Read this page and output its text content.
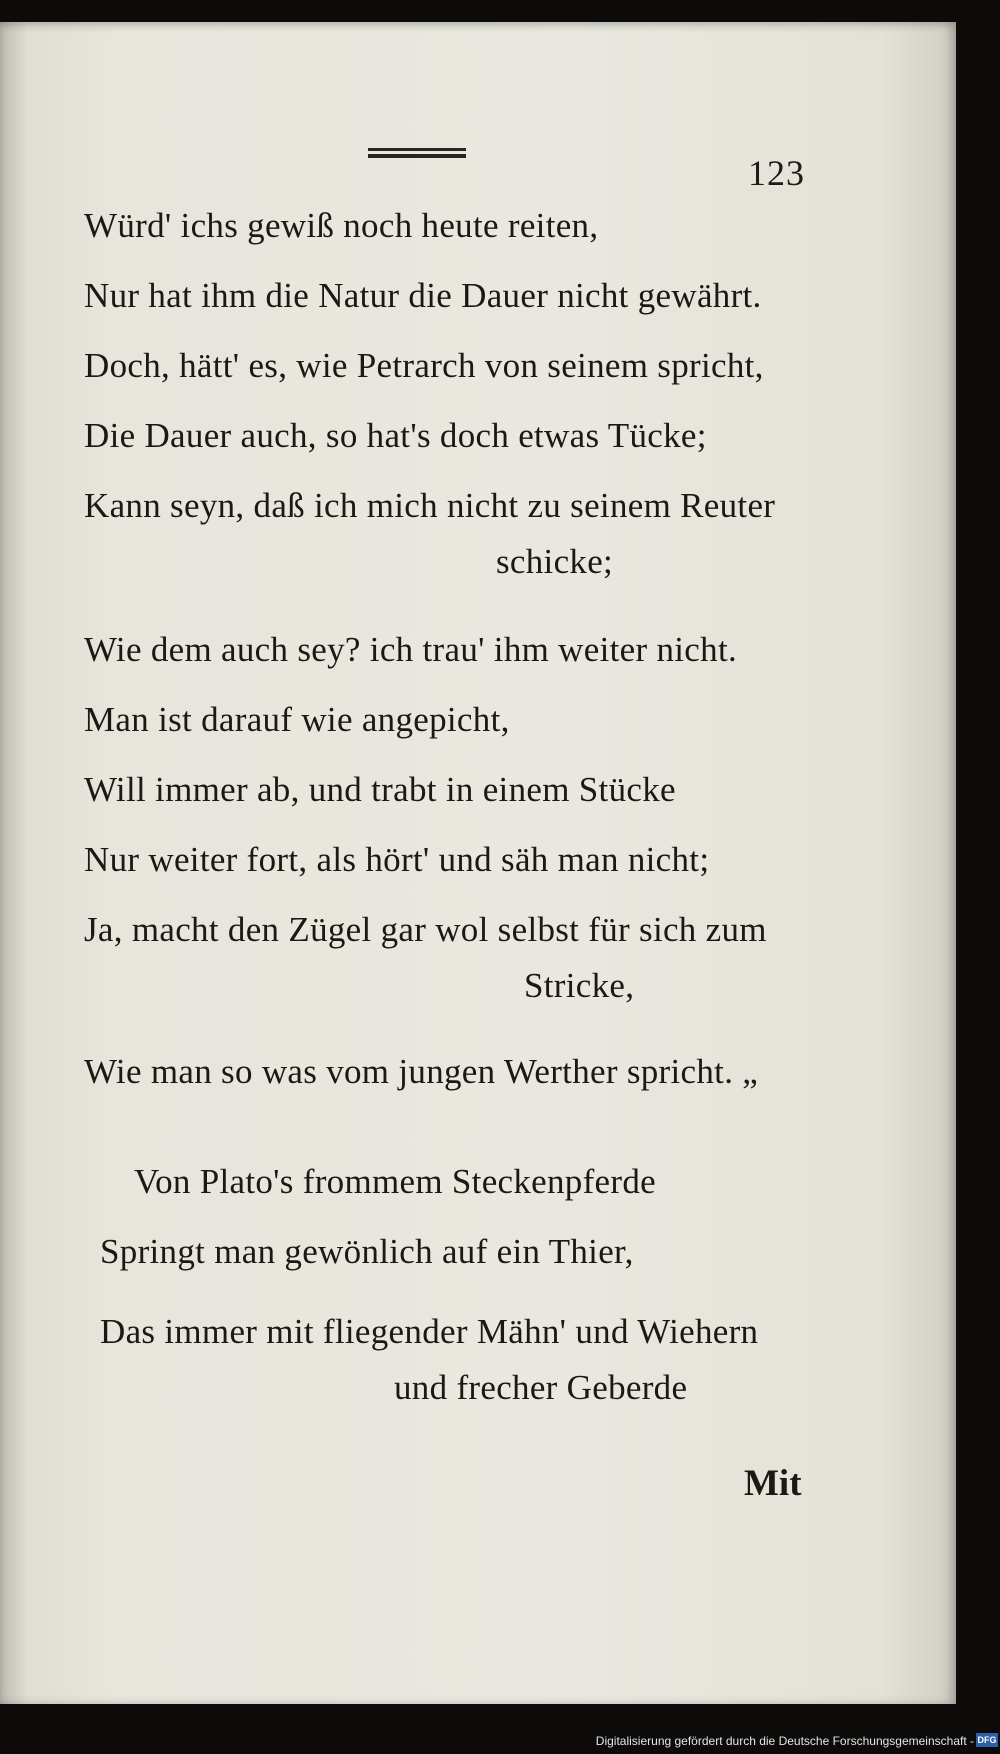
123
Würd' ichs gewiß noch heute reiten,
Nur hat ihm die Natur die Dauer nicht gewährt.
Doch, hätt' es, wie Petrarch von seinem spricht,
Die Dauer auch, so hat's doch etwas Tücke;
Kann seyn, daß ich mich nicht zu seinem Reuter
schicke;
Wie dem auch sey? ich trau' ihm weiter nicht.
Man ist darauf wie angepicht,
Will immer ab, und trabt in einem Stücke
Nur weiter fort, als hört' und säh man nicht;
Ja, macht den Zügel gar wol selbst für sich zum
Stricke,
Wie man so was vom jungen Werther spricht. „
Von Plato's frommem Steckenpferde
Springt man gewönlich auf ein Thier,
Das immer mit fliegender Mähn' und Wiehern
und frecher Geberde
Mit
Digitalisierung gefördert durch die Deutsche Forschungsgemeinschaft - DFG
